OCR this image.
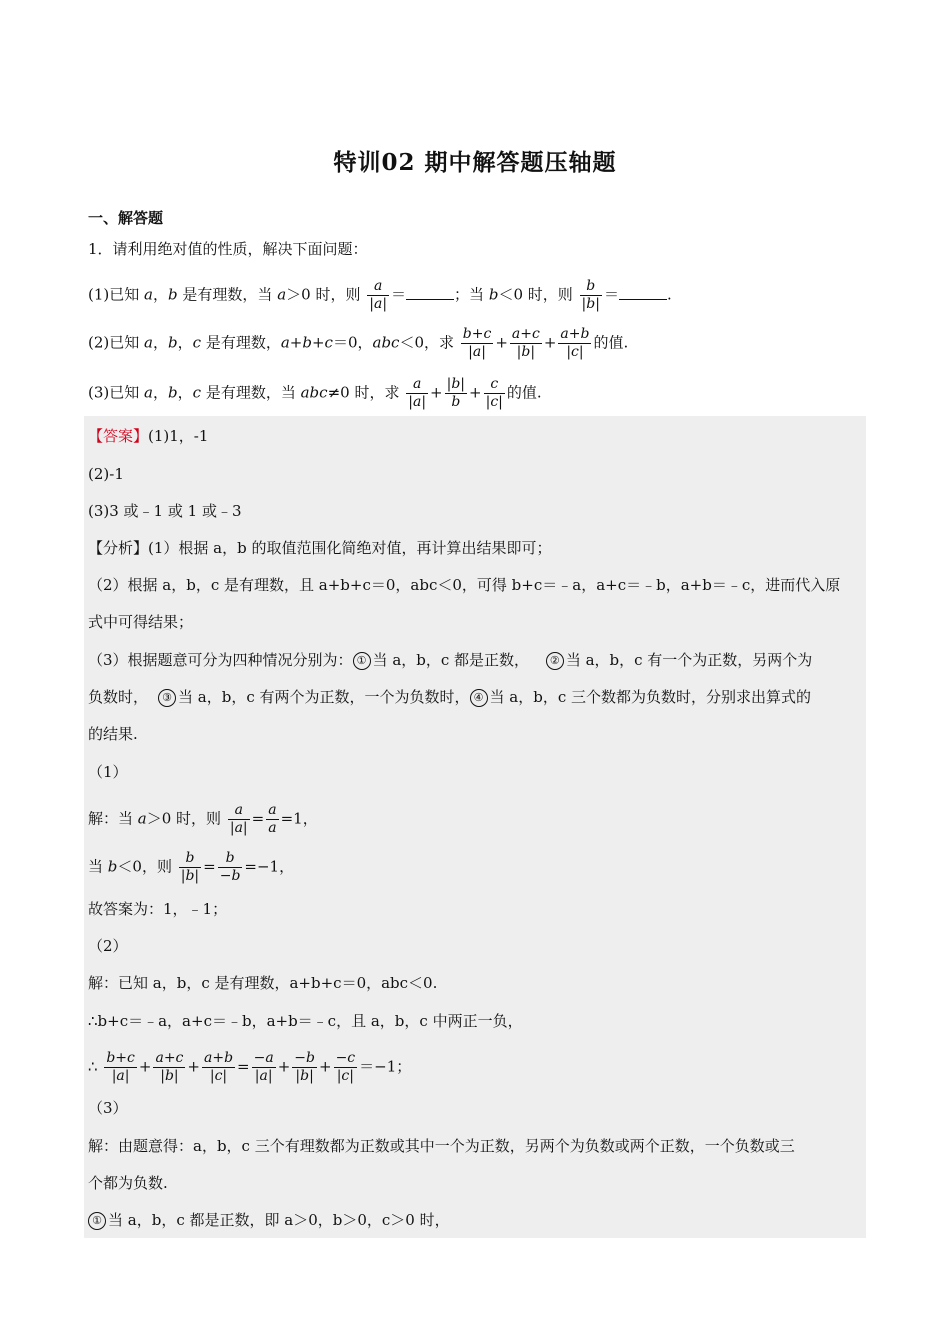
特训02 期中解答题压轴题
一、解答题
1．请利用绝对值的性质，解决下面问题：
(1)已知 a，b 是有理数，当 a＞0 时，则 $\frac{a}{|a|}$ ＝	；当 b＜0 时，则 $\frac{b}{|b|}$ ＝	.
(2)已知 a，b，c 是有理数，a+b+c＝0，abc＜0，求 $\frac{b+c}{|a|} + \frac{a+c}{|b|} + \frac{a+b}{|c|}$ 的值.
(3)已知 a，b，c 是有理数，当 abc≠0 时，求 $\frac{a}{|a|} + \frac{|b|}{b} + \frac{c}{|c|}$ 的值.
【答案】(1)1，-1
(2)-1
(3)3 或﹣1 或 1 或﹣3
【分析】(1）根据 a，b 的取值范围化简绝对值，再计算出结果即可；
（2）根据 a，b，c 是有理数，且 a+b+c＝0，abc＜0，可得 b+c＝﹣a，a+c＝﹣b，a+b＝﹣c，进而代入原
式中可得结果；
（3）根据题意可分为四种情况分别为： ① 当 a，b，c 都是正数， ② 当 a，b，c 有一个为正数，另两个为
负数时， ③ 当 a，b，c 有两个为正数，一个为负数时， ④ 当 a，b，c 三个数都为负数时，分别求出算式的
的结果.
（1）
解：当 a＞0 时，则 $\frac{a}{|a|} = \frac{a}{a} =1$，
当 b＜0，则 $\frac{b}{|b|} = \frac{b}{-b} =-1$，
故答案为：1，﹣1；
（2）
解：已知 a，b，c 是有理数，a+b+c＝0，abc＜0.
∴b+c＝﹣a，a+c＝﹣b，a+b＝﹣c，且 a，b，c 中两正一负，
∴ $\frac{b+c}{|a|} + \frac{a+c}{|b|} + \frac{a+b}{|c|} = \frac{-a}{|a|} + \frac{-b}{|b|} + \frac{-c}{|c|} =-1$；
（3）
解：由题意得：a，b，c 三个有理数都为正数或其中一个为正数，另两个为负数或两个正数，一个负数或三
个都为负数.
① 当 a，b，c 都是正数，即 a＞0，b＞0，c＞0 时，
